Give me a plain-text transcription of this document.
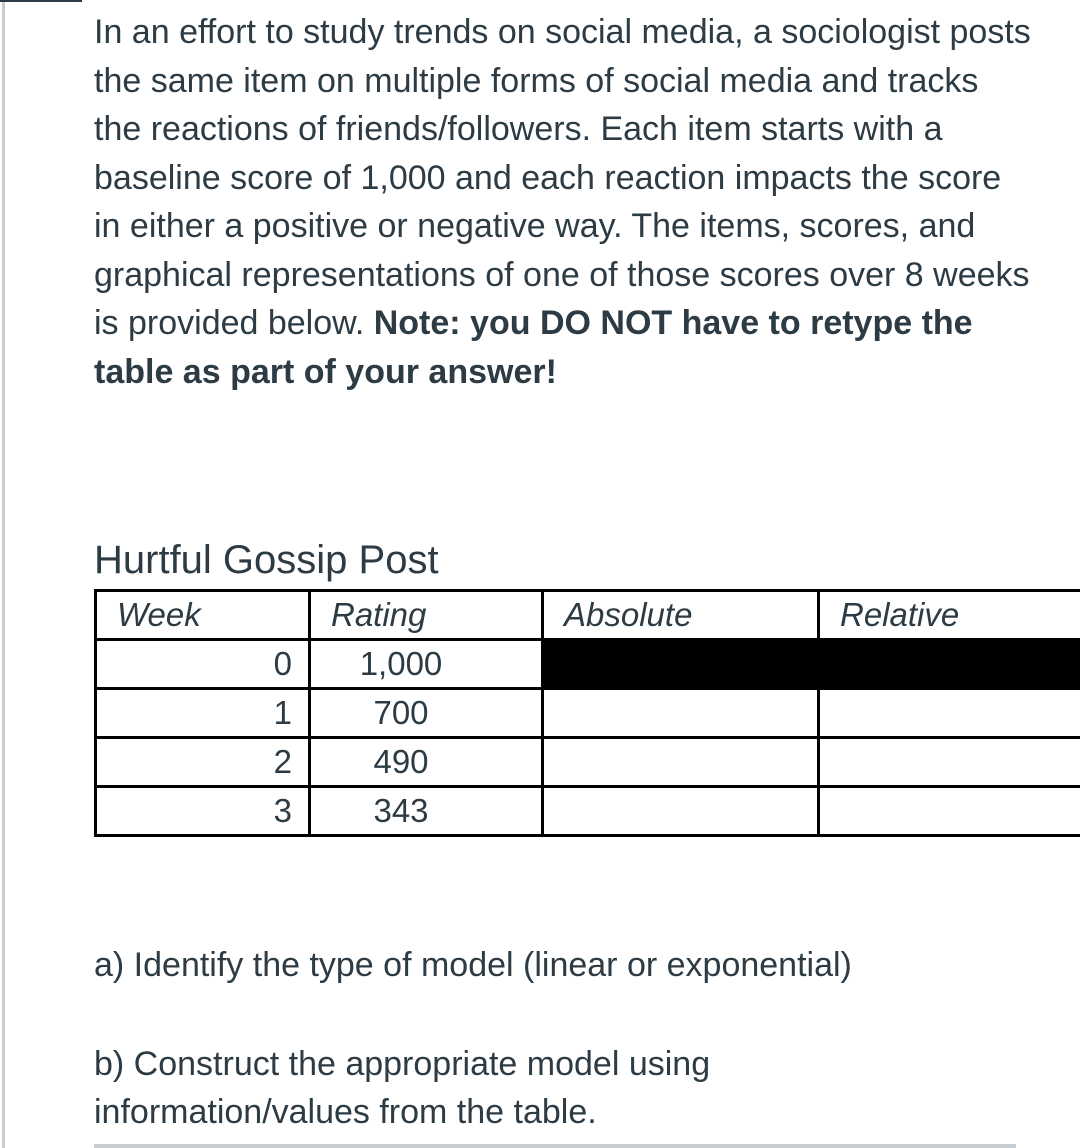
In an effort to study trends on social media, a sociologist posts the same item on multiple forms of social media and tracks the reactions of friends/followers. Each item starts with a baseline score of 1,000 and each reaction impacts the score in either a positive or negative way. The items, scores, and graphical representations of one of those scores over 8 weeks is provided below. Note: you DO NOT have to retype the table as part of your answer!
Hurtful Gossip Post
Week	Rating	Absolute	Relative
0	1,000		
1	700		
2	490		
3	343		
a) Identify the type of model (linear or exponential)
b) Construct the appropriate model using information/values from the table.
